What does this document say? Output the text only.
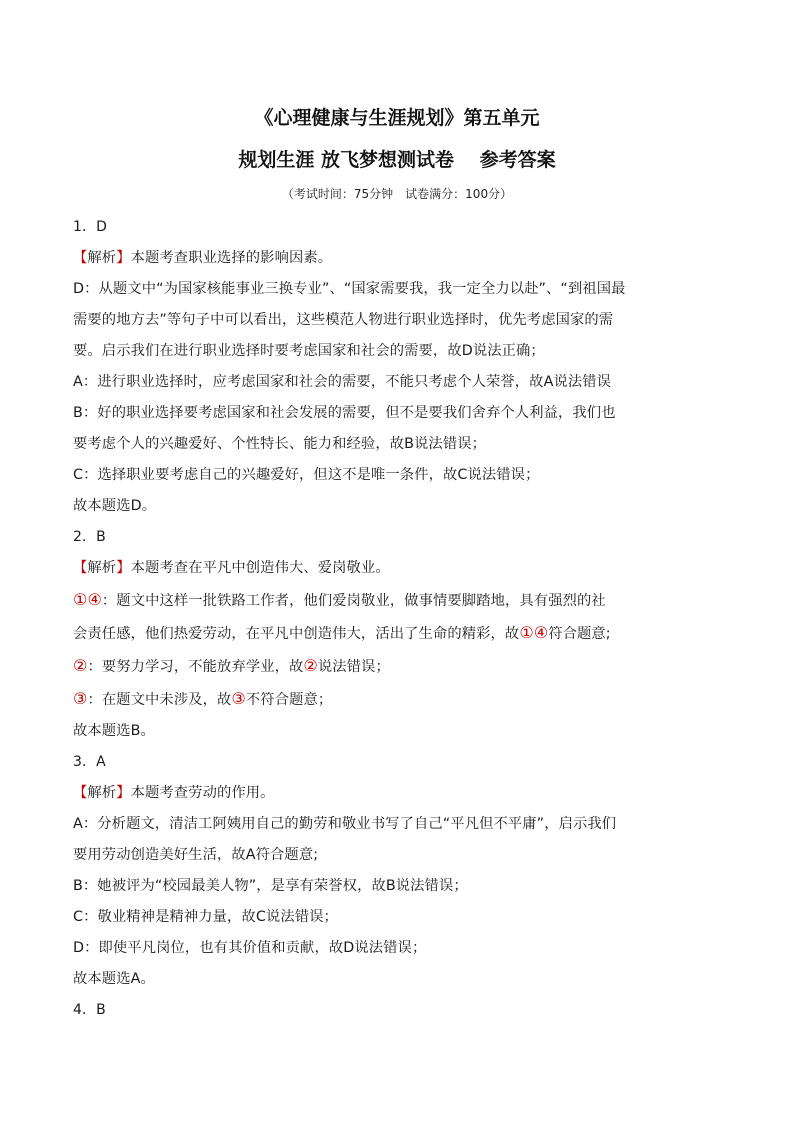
《心理健康与生涯规划》第五单元
规划生涯 放飞梦想测试卷　 参考答案
（考试时间：75分钟　试卷满分：100分）
1．D
【解析】本题考查职业选择的影响因素。
D：从题文中“为国家核能事业三换专业”、“国家需要我，我一定全力以赴”、“到祖国最
需要的地方去”等句子中可以看出，这些模范人物进行职业选择时，优先考虑国家的需
要。启示我们在进行职业选择时要考虑国家和社会的需要，故D说法正确；
A：进行职业选择时，应考虑国家和社会的需要，不能只考虑个人荣誉，故A说法错误
B：好的职业选择要考虑国家和社会发展的需要，但不是要我们舍弃个人利益，我们也
要考虑个人的兴趣爱好、个性特长、能力和经验，故B说法错误；
C：选择职业要考虑自己的兴趣爱好，但这不是唯一条件，故C说法错误；
故本题选D。
2．B
【解析】本题考查在平凡中创造伟大、爱岗敬业。
①④：题文中这样一批铁路工作者，他们爱岗敬业，做事情要脚踏地，具有强烈的社
会责任感，他们热爱劳动，在平凡中创造伟大，活出了生命的精彩，故①④符合题意;
②：要努力学习，不能放弃学业，故②说法错误；
③：在题文中未涉及，故③不符合题意；
故本题选B。
3．A
【解析】本题考查劳动的作用。
A：分析题文，清洁工阿姨用自己的勤劳和敬业书写了自己“平凡但不平庸”，启示我们
要用劳动创造美好生活，故A符合题意;
B：她被评为“校园最美人物”，是享有荣誉权，故B说法错误；
C：敬业精神是精神力量，故C说法错误；
D：即使平凡岗位，也有其价值和贡献，故D说法错误；
故本题选A。
4．B
